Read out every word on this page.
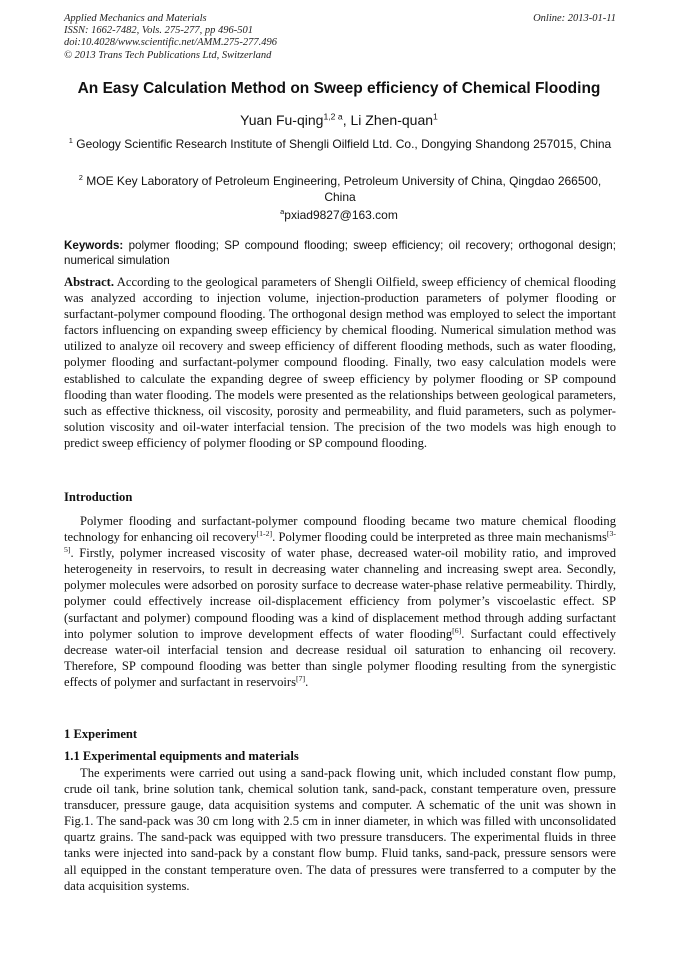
Applied Mechanics and Materials
ISSN: 1662-7482, Vols. 275-277, pp 496-501
doi:10.4028/www.scientific.net/AMM.275-277.496
© 2013 Trans Tech Publications Ltd, Switzerland
Online: 2013-01-11
An Easy Calculation Method on Sweep efficiency of Chemical Flooding
Yuan Fu-qing$^{1,2 a}$, Li Zhen-quan$^1$
$^1$ Geology Scientific Research Institute of Shengli Oilfield Ltd. Co., Dongying Shandong 257015, China
$^2$ MOE Key Laboratory of Petroleum Engineering, Petroleum University of China, Qingdao 266500, China
$^a$pxiad9827@163.com
Keywords: polymer flooding; SP compound flooding; sweep efficiency; oil recovery; orthogonal design; numerical simulation
Abstract. According to the geological parameters of Shengli Oilfield, sweep efficiency of chemical flooding was analyzed according to injection volume, injection-production parameters of polymer flooding or surfactant-polymer compound flooding. The orthogonal design method was employed to select the important factors influencing on expanding sweep efficiency by chemical flooding. Numerical simulation method was utilized to analyze oil recovery and sweep efficiency of different flooding methods, such as water flooding, polymer flooding and surfactant-polymer compound flooding. Finally, two easy calculation models were established to calculate the expanding degree of sweep efficiency by polymer flooding or SP compound flooding than water flooding. The models were presented as the relationships between geological parameters, such as effective thickness, oil viscosity, porosity and permeability, and fluid parameters, such as polymer-solution viscosity and oil-water interfacial tension. The precision of the two models was high enough to predict sweep efficiency of polymer flooding or SP compound flooding.
Introduction
Polymer flooding and surfactant-polymer compound flooding became two mature chemical flooding technology for enhancing oil recovery[1-2]. Polymer flooding could be interpreted as three main mechanisms[3-5]. Firstly, polymer increased viscosity of water phase, decreased water-oil mobility ratio, and improved heterogeneity in reservoirs, to result in decreasing water channeling and increasing swept area. Secondly, polymer molecules were adsorbed on porosity surface to decrease water-phase relative permeability. Thirdly, polymer could effectively increase oil-displacement efficiency from polymer’s viscoelastic effect. SP (surfactant and polymer) compound flooding was a kind of displacement method through adding surfactant into polymer solution to improve development effects of water flooding[6]. Surfactant could effectively decrease water-oil interfacial tension and decrease residual oil saturation to enhancing oil recovery. Therefore, SP compound flooding was better than single polymer flooding resulting from the synergistic effects of polymer and surfactant in reservoirs[7].
1 Experiment
1.1 Experimental equipments and materials
The experiments were carried out using a sand-pack flowing unit, which included constant flow pump, crude oil tank, brine solution tank, chemical solution tank, sand-pack, constant temperature oven, pressure transducer, pressure gauge, data acquisition systems and computer. A schematic of the unit was shown in Fig.1. The sand-pack was 30 cm long with 2.5 cm in inner diameter, in which was filled with unconsolidated quartz grains. The sand-pack was equipped with two pressure transducers. The experimental fluids in three tanks were injected into sand-pack by a constant flow bump. Fluid tanks, sand-pack, pressure sensors were all equipped in the constant temperature oven. The data of pressures were transferred to a computer by the data acquisition systems.
